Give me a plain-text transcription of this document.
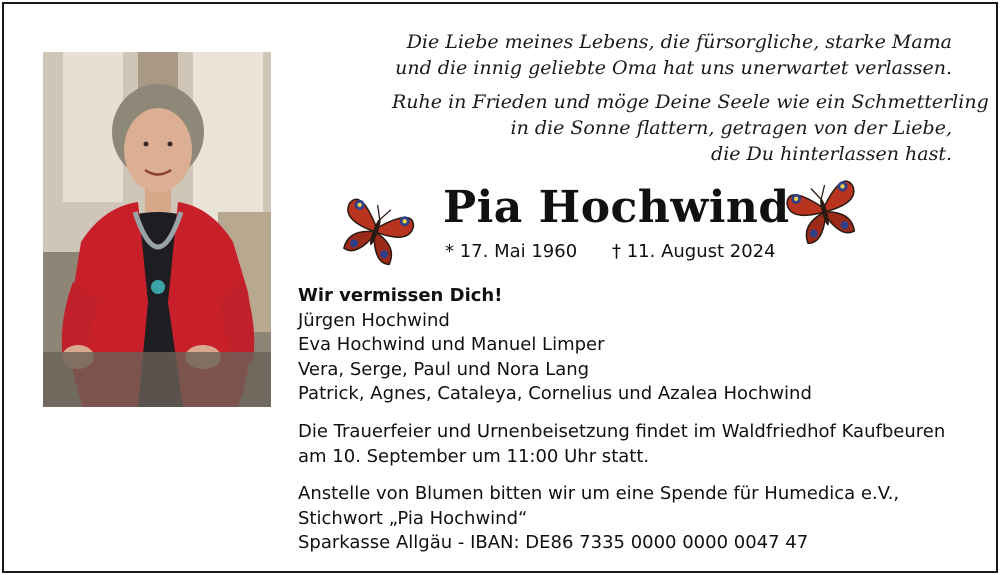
Die Liebe meines Lebens, die fürsorgliche, starke Mama
und die innig geliebte Oma hat uns unerwartet verlassen.
Ruhe in Frieden und möge Deine Seele wie ein Schmetterling
in die Sonne flattern, getragen von der Liebe,
die Du hinterlassen hast.
Pia Hochwind
* 17. Mai 1960 † 11. August 2024
Wir vermissen Dich!
Jürgen Hochwind
Eva Hochwind und Manuel Limper
Vera, Serge, Paul und Nora Lang
Patrick, Agnes, Cataleya, Cornelius und Azalea Hochwind
Die Trauerfeier und Urnenbeisetzung findet im Waldfriedhof Kaufbeuren
am 10. September um 11:00 Uhr statt.
Anstelle von Blumen bitten wir um eine Spende für Humedica e.V.,
Stichwort „Pia Hochwind“
Sparkasse Allgäu - IBAN: DE86 7335 0000 0000 0047 47
